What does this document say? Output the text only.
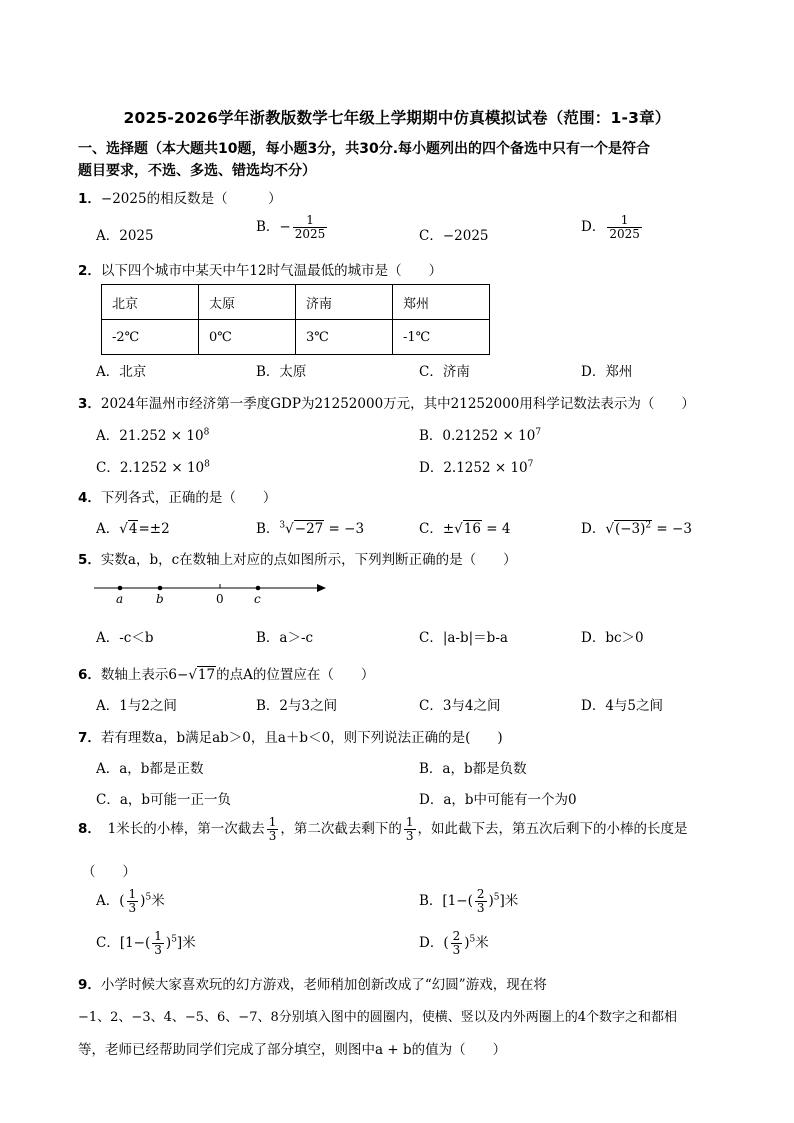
2025-2026学年浙教版数学七年级上学期期中仿真模拟试卷（范围：1-3章）
一、选择题（本大题共10题，每小题3分，共30分.每小题列出的四个备选中只有一个是符合
题目要求，不选、多选、错选均不分）
1．−2025的相反数是（　　　）
A．2025
B．− $\frac{1}{2025}$	C．−2025
D． $\frac{1}{2025}$
2．以下四个城市中某天中午12时气温最低的城市是（　　）
北京	太原	济南	郑州
-2℃	0℃	3℃	-1℃
A．北京	B．太原	C．济南	D．郑州
3．2024年温州市经济第一季度GDP为21252000万元，其中21252000用科学记数法表示为（　　）
A．$21.252 \times 10^8$	B．$0.21252 \times 10^7$
C．$2.1252 \times 10^8$	D．$2.1252 \times 10^7$
4．下列各式，正确的是（　　）
A．√4=±2	B．$^3$√−27 = −3	C．±√16 = 4	D．$√(-3)^2 = -3$
5．实数a，b，c在数轴上对应的点如图所示，下列判断正确的是（　　）
a	b	0	c
A．-c＜b	B．a＞-c	C．|a-b|＝b-a	D．bc＞0
6．数轴上表示6−√17的点A的位置应在（　　）
A．1与2之间	B．2与3之间	C．3与4之间	D．4与5之间
7．若有理数a，b满足ab＞0，且a＋b＜0，则下列说法正确的是(　　)
A．a，b都是正数	B．a，b都是负数
C．a，b可能一正一负	D．a，b中可能有一个为0
8．　1米长的小棒，第一次截去 $\frac{1}{3}$ ，第二次截去剩下的 $\frac{1}{3}$ ，如此截下去，第五次后剩下的小棒的长度是
（　　）
A．( $\frac{1}{3} )^5$米	B．$[1-( \frac{2}{3} )^5]$米
C．$[1-( \frac{1}{3} )^5]$米	D．( $\frac{2}{3} )^5$米
9．小学时候大家喜欢玩的幻方游戏，老师稍加创新改成了“幻圆”游戏，现在将
−1、2、−3、4、−5、6、−7、8分别填入图中的圆圈内，使横、竖以及内外两圈上的4个数字之和都相
等，老师已经帮助同学们完成了部分填空，则图中a + b的值为（　　）
